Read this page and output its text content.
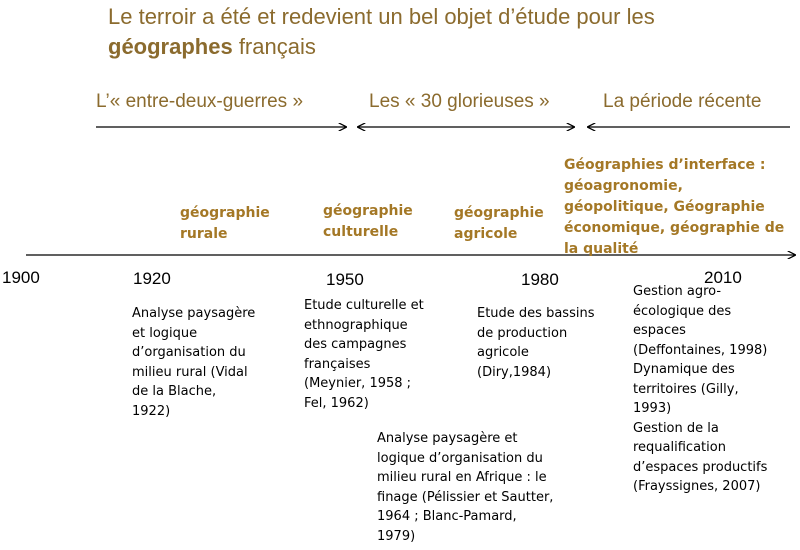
Le terroir a été et redevient un bel objet d’étude pour les
géographes français
L’« entre-deux-guerres »	Les « 30 glorieuses »	La période récente
géographie
rurale
géographie
culturelle
géographie
agricole
Géographies d’interface :
géoagronomie,
géopolitique, Géographie
économique, géographie de
la qualité
1900	1920	1950	1980	2010
Analyse paysagère
et logique
d’organisation du
milieu rural (Vidal
de la Blache,
1922)
Etude culturelle et
ethnographique
des campagnes
françaises
(Meynier, 1958 ;
Fel, 1962)
Etude des bassins
de production
agricole
(Diry,1984)
Gestion agro-
écologique des
espaces
(Deffontaines, 1998)
Dynamique des
territoires (Gilly,
1993)
Gestion de la
requalification
d’espaces productifs
(Frayssignes, 2007)
Analyse paysagère et
logique d’organisation du
milieu rural en Afrique : le
finage (Pélissier et Sautter,
1964 ; Blanc-Pamard,
1979)
